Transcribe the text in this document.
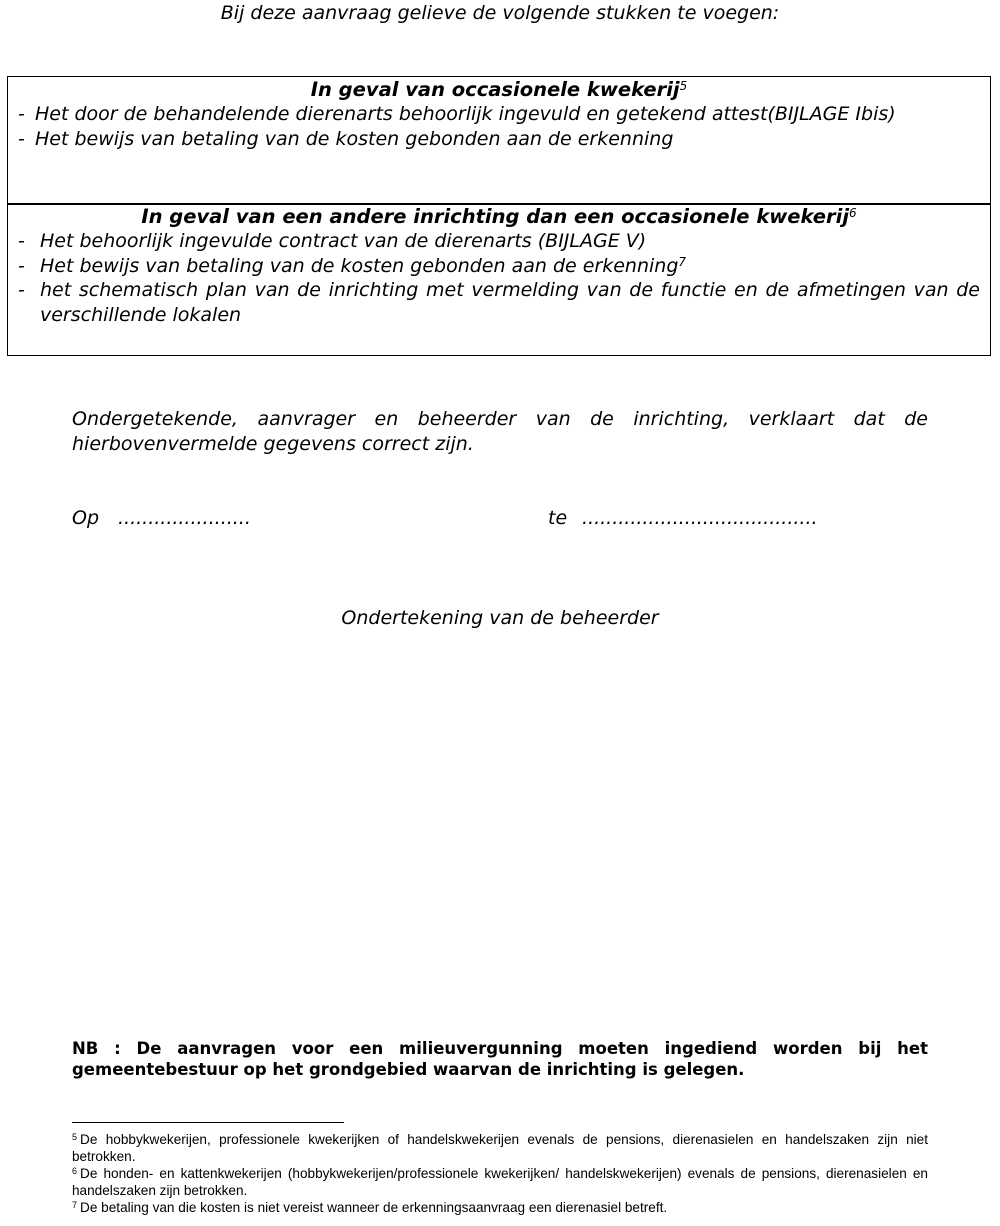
Bij deze aanvraag gelieve de volgende stukken te voegen:
In geval van occasionele kwekerij$^5$
- Het door de behandelende dierenarts behoorlijk ingevuld en getekend attest(BIJLAGE Ibis)
- Het bewijs van betaling van de kosten gebonden aan de erkenning
In geval van een andere inrichting dan een occasionele kwekerij$^6$
- Het behoorlijk ingevulde contract van de dierenarts (BIJLAGE V)
- Het bewijs van betaling van de kosten gebonden aan de erkenning$^7$
- het schematisch plan van de inrichting met vermelding van de functie en de afmetingen van de verschillende lokalen
Ondergetekende, aanvrager en beheerder van de inrichting, verklaart dat de hierbovenvermelde gegevens correct zijn.
Op ......................	te .......................................
Ondertekening van de beheerder
NB : De aanvragen voor een milieuvergunning moeten ingediend worden bij het gemeentebestuur op het grondgebied waarvan de inrichting is gelegen.

$^5$ De hobbykwekerijen, professionele kwekerijken of handelskwekerijen evenals de pensions, dierenasielen en handelszaken zijn niet betrokken.

$^6$ De honden- en kattenkwekerijen (hobbykwekerijen/professionele kwekerijken/ handelskwekerijen) evenals de pensions, dierenasielen en handelszaken zijn betrokken.

$^7$ De betaling van die kosten is niet vereist wanneer de erkenningsaanvraag een dierenasiel betreft.
